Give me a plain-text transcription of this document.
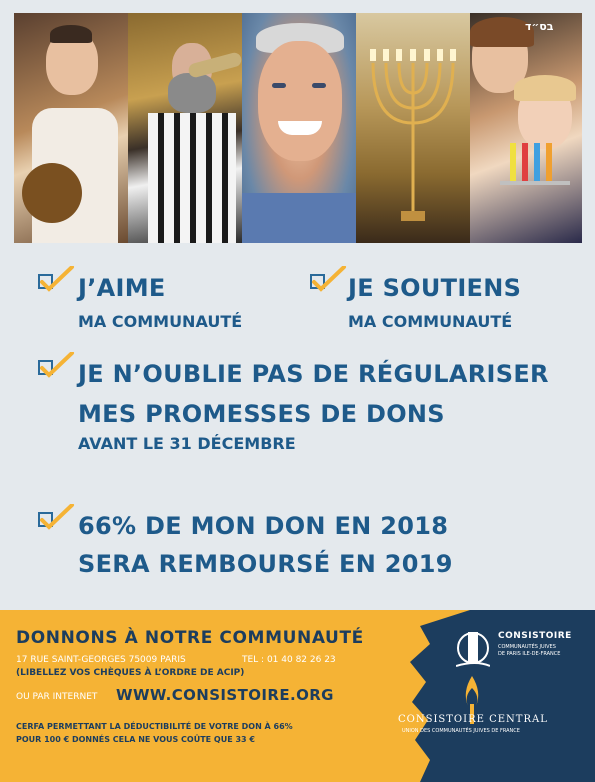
בס״ד
J’AIME
MA COMMUNAUTÉ
JE SOUTIENS
MA COMMUNAUTÉ
JE N’OUBLIE PAS DE RÉGULARISER
MES PROMESSES DE DONS
AVANT LE 31 DÉCEMBRE
66% DE MON DON EN 2018
SERA REMBOURSÉ EN 2019
DONNONS À NOTRE COMMUNAUTÉ
17 RUE SAINT-GEORGES 75009 PARIS	TEL : 01 40 82 26 23
(LIBELLEZ VOS CHÈQUES À L’ORDRE DE ACIP)
OU PAR INTERNET WWW.CONSISTOIRE.ORG
CERFA PERMETTANT LA DÉDUCTIBILITÉ DE VOTRE DON À 66%
POUR 100 € DONNÉS CELA NE VOUS COÛTE QUE 33 €
CONSISTOIRE
COMMUNAUTÉS JUIVES
DE PARIS ILE-DE-FRANCE
CONSISTOIRE CENTRAL
UNION DES COMMUNAUTÉS JUIVES DE FRANCE
